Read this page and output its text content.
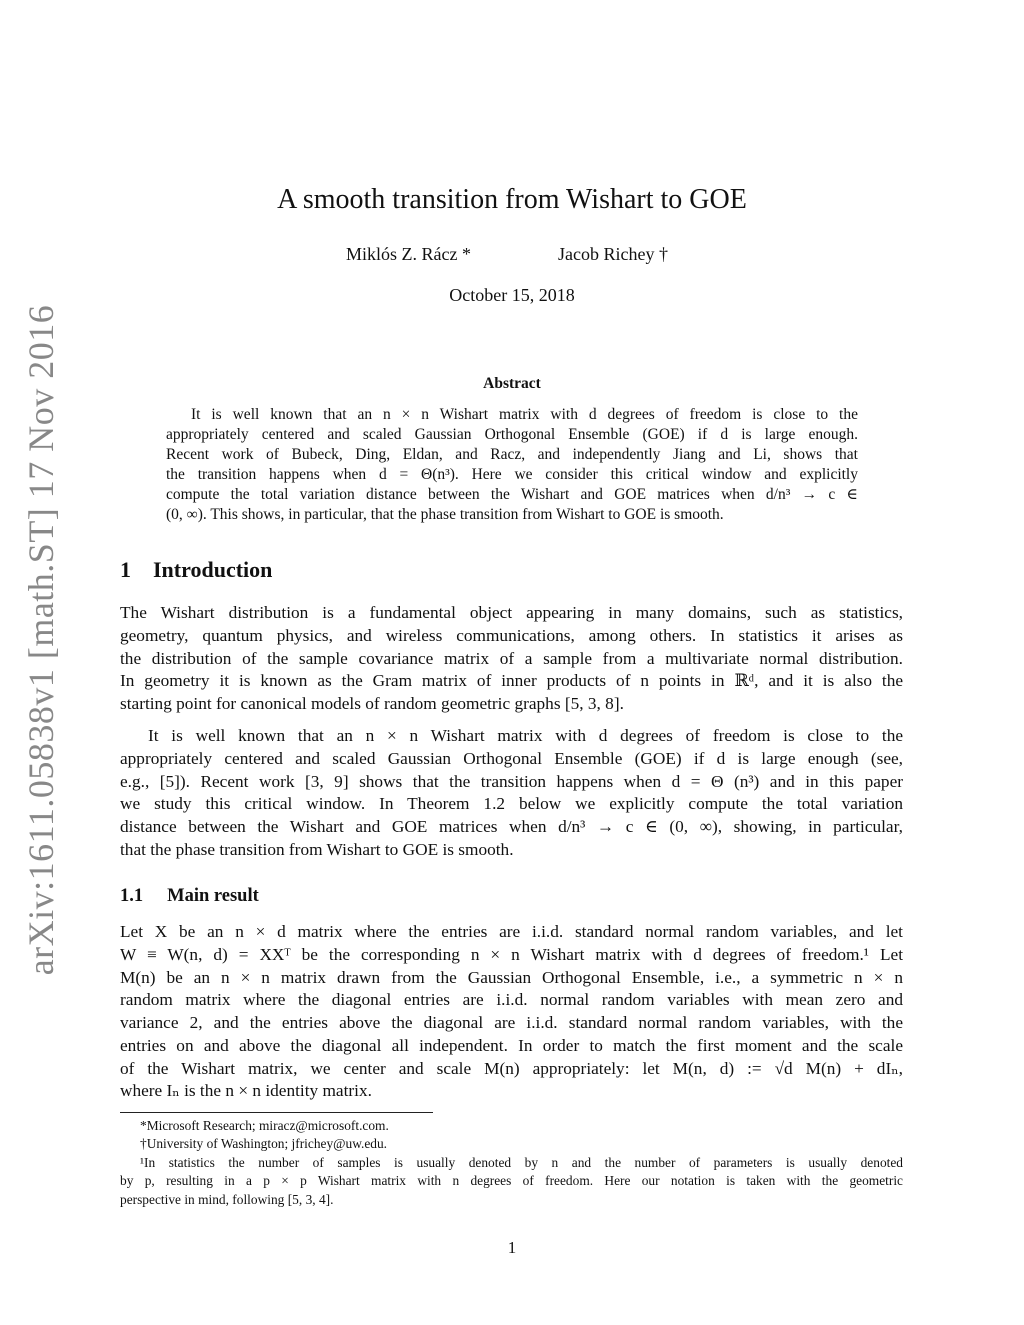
arXiv:1611.05838v1 [math.ST] 17 Nov 2016
A smooth transition from Wishart to GOE
Miklós Z. Rácz *	Jacob Richey †
October 15, 2018
Abstract
It is well known that an n × n Wishart matrix with d degrees of freedom is close to the
appropriately centered and scaled Gaussian Orthogonal Ensemble (GOE) if d is large enough.
Recent work of Bubeck, Ding, Eldan, and Racz, and independently Jiang and Li, shows that
the transition happens when d = Θ(n³). Here we consider this critical window and explicitly
compute the total variation distance between the Wishart and GOE matrices when d/n³ → c ∈
(0, ∞). This shows, in particular, that the phase transition from Wishart to GOE is smooth.
1 Introduction
The Wishart distribution is a fundamental object appearing in many domains, such as statistics,
geometry, quantum physics, and wireless communications, among others. In statistics it arises as
the distribution of the sample covariance matrix of a sample from a multivariate normal distribution.
In geometry it is known as the Gram matrix of inner products of n points in ℝᵈ, and it is also the
starting point for canonical models of random geometric graphs [5, 3, 8].
It is well known that an n × n Wishart matrix with d degrees of freedom is close to the
appropriately centered and scaled Gaussian Orthogonal Ensemble (GOE) if d is large enough (see,
e.g., [5]). Recent work [3, 9] shows that the transition happens when d = Θ (n³) and in this paper
we study this critical window. In Theorem 1.2 below we explicitly compute the total variation
distance between the Wishart and GOE matrices when d/n³ → c ∈ (0, ∞), showing, in particular,
that the phase transition from Wishart to GOE is smooth.
1.1 Main result
Let X be an n × d matrix where the entries are i.i.d. standard normal random variables, and let
W ≡ W(n, d) = XXᵀ be the corresponding n × n Wishart matrix with d degrees of freedom.¹ Let
M(n) be an n × n matrix drawn from the Gaussian Orthogonal Ensemble, i.e., a symmetric n × n
random matrix where the diagonal entries are i.i.d. normal random variables with mean zero and
variance 2, and the entries above the diagonal are i.i.d. standard normal random variables, with the
entries on and above the diagonal all independent. In order to match the first moment and the scale
of the Wishart matrix, we center and scale M(n) appropriately: let M(n, d) := √d M(n) + dIₙ,
where Iₙ is the n × n identity matrix.
*Microsoft Research; miracz@microsoft.com.
†University of Washington; jfrichey@uw.edu.
¹In statistics the number of samples is usually denoted by n and the number of parameters is usually denoted
by p, resulting in a p × p Wishart matrix with n degrees of freedom. Here our notation is taken with the geometric
perspective in mind, following [5, 3, 4].
1
